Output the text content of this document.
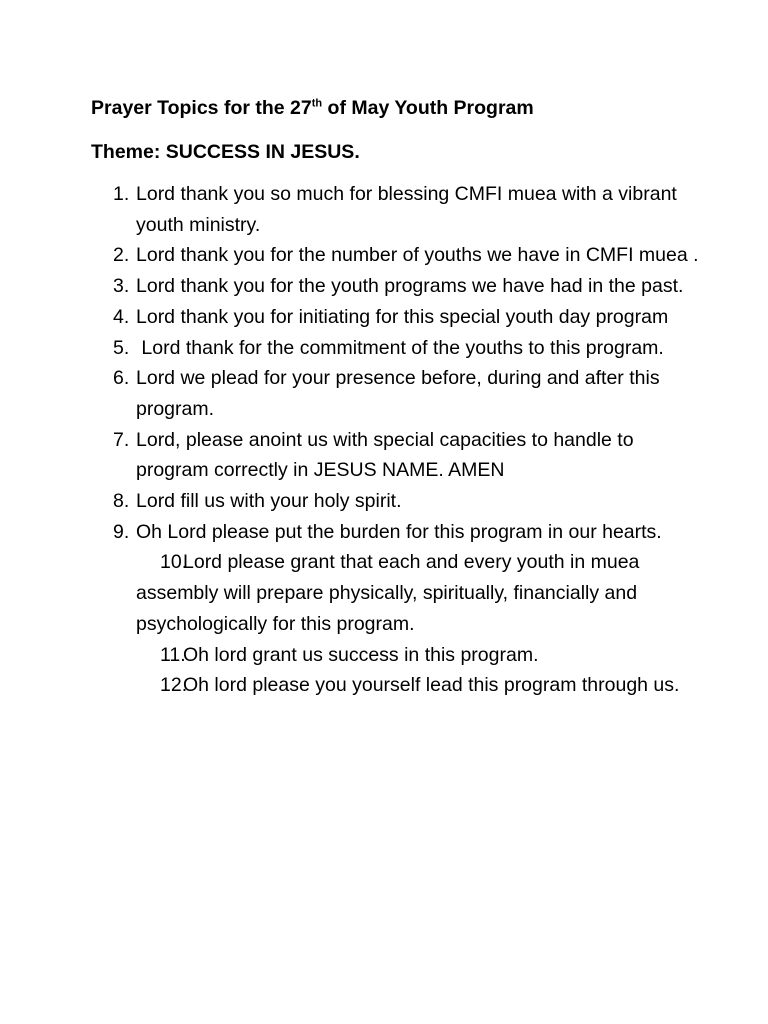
Prayer Topics for the 27th of May Youth Program
Theme: SUCCESS IN JESUS.
1. Lord thank you so much for blessing CMFI muea with a vibrant youth ministry.
2. Lord thank you for the number of youths we have in CMFI muea .
3. Lord thank you for the youth programs we have had in the past.
4. Lord thank you for initiating for this special youth day program
5. Lord thank for the commitment of the youths to this program.
6. Lord we plead for your presence before, during and after this program.
7. Lord, please anoint us with special capacities to handle to program correctly in JESUS NAME. AMEN
8. Lord fill us with your holy spirit.
9. Oh Lord please put the burden for this program in our hearts.
10.
Lord please grant that each and every youth in muea assembly will prepare physically, spiritually, financially and psychologically for this program.
11.
Oh lord grant us success in this program.
12.
Oh lord please you yourself lead this program through us.
